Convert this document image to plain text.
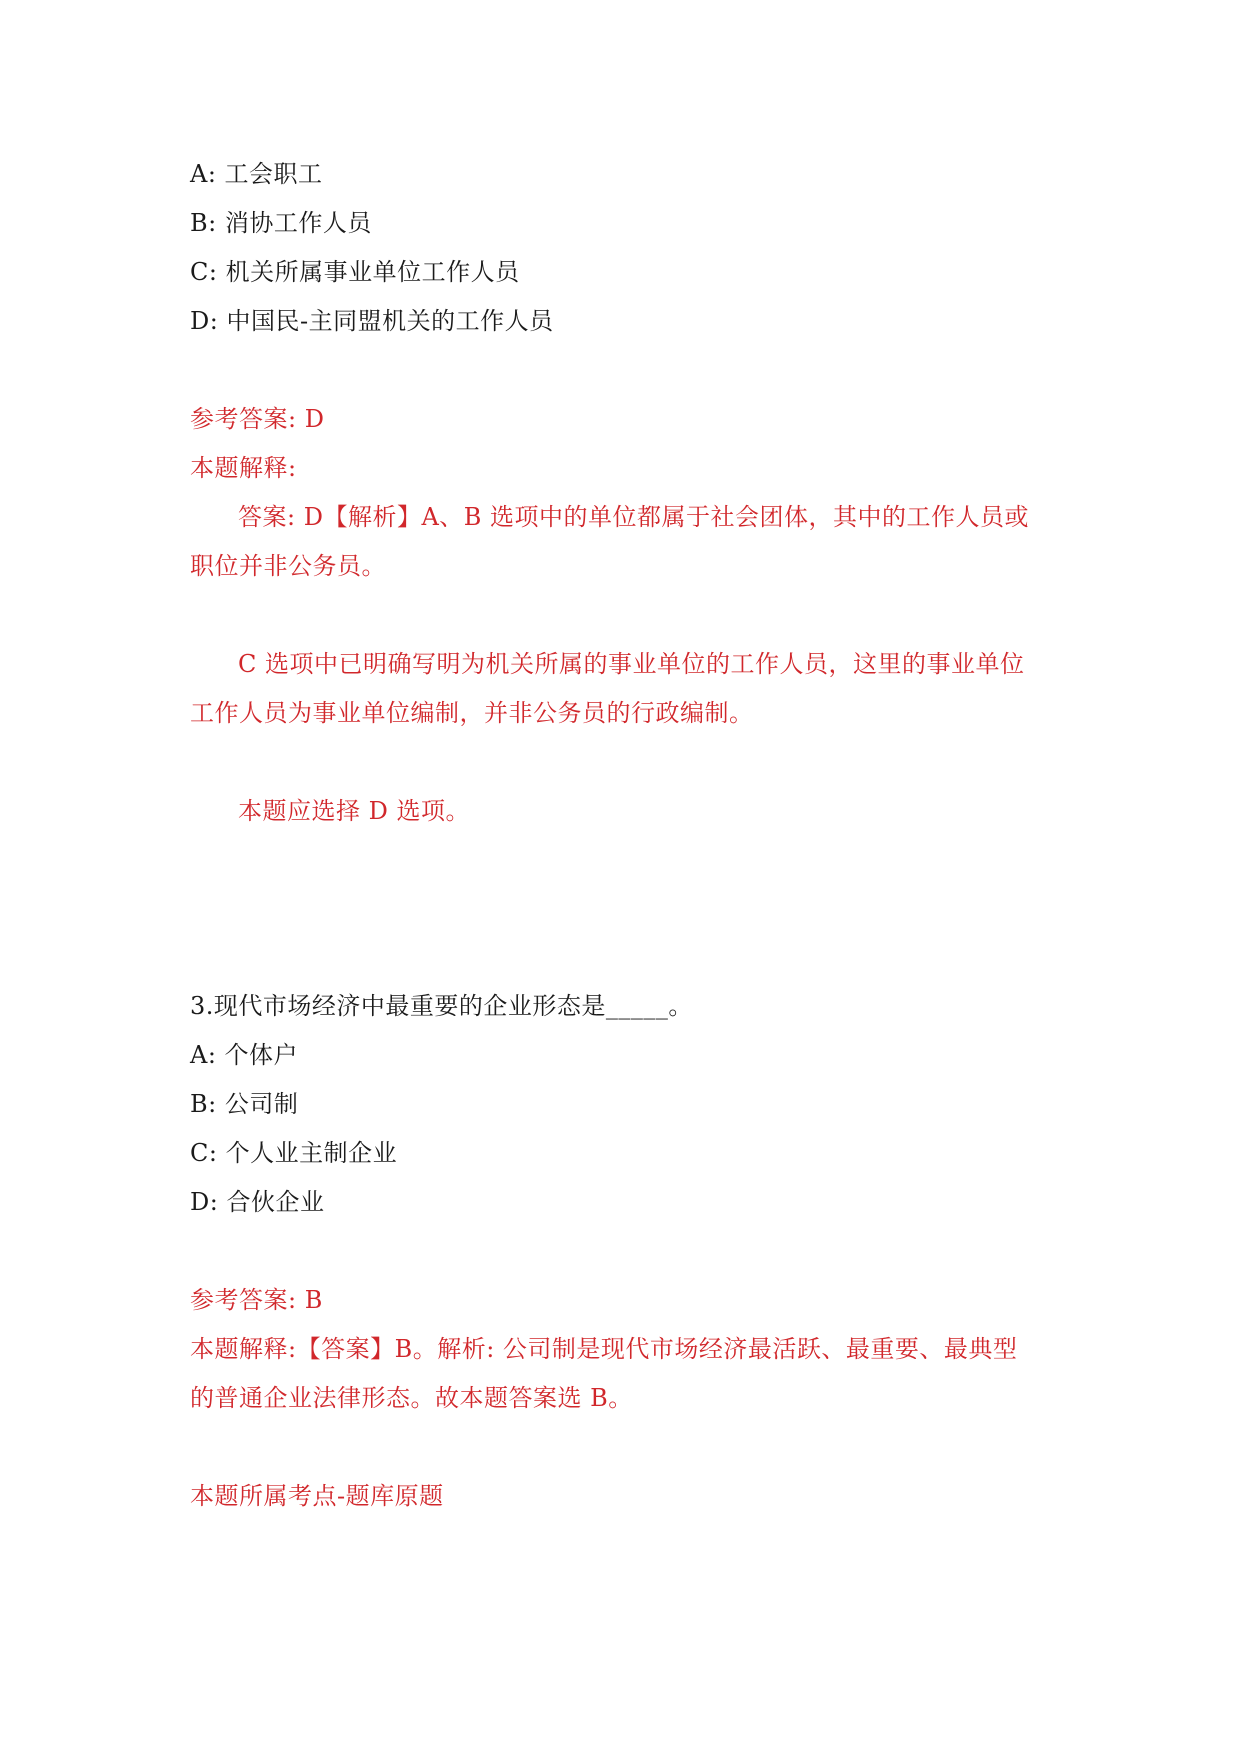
A: 工会职工
B: 消协工作人员
C: 机关所属事业单位工作人员
D: 中国民-主同盟机关的工作人员
参考答案: D
本题解释:
答案: D【解析】A、B 选项中的单位都属于社会团体，其中的工作人员或
职位并非公务员。
C 选项中已明确写明为机关所属的事业单位的工作人员，这里的事业单位
工作人员为事业单位编制，并非公务员的行政编制。
本题应选择 D 选项。
3.现代市场经济中最重要的企业形态是_____。
A: 个体户
B: 公司制
C: 个人业主制企业
D: 合伙企业
参考答案: B
本题解释:【答案】B。解析: 公司制是现代市场经济最活跃、最重要、最典型
的普通企业法律形态。故本题答案选 B。
本题所属考点-题库原题
